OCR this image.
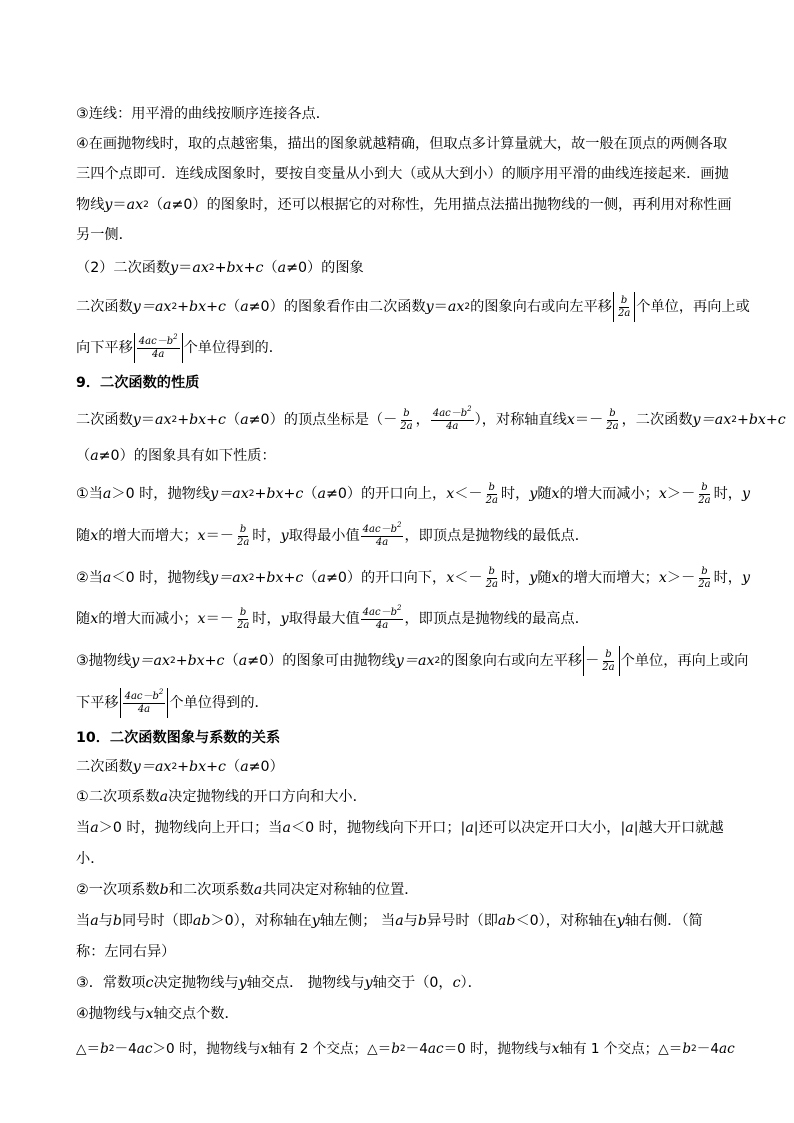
③连线：用平滑的曲线按顺序连接各点．
④在画抛物线时，取的点越密集，描出的图象就越精确，但取点多计算量就大，故一般在顶点的两侧各取
三四个点即可．连线成图象时，要按自变量从小到大（或从大到小）的顺序用平滑的曲线连接起来．画抛
物线 y ＝ ax 2 （ a ≠0）的图象时，还可以根据它的对称性，先用描点法描出抛物线的一侧，再利用对称性画
另一侧．
（2）二次函数 y ＝ ax 2 + bx + c （ a ≠0）的图象
二次函数 y＝ax 2 +bx+c （ a ≠0）的图象看作由二次函数 y ＝ ax 2 的图象向右或向左平移 $\frac{b}{2a}$ 个单位，再向上或
向下平移 $\frac{4ac-b^2}{4a}$ 个单位得到的．
9．二次函数的性质
二次函数 y ＝ ax 2 +bx+c （ a ≠0）的顶点坐标是（ － $\frac{b}{2a}$ ， $\frac{4ac-b^2}{4a}$ ），对称轴直线 x ＝ － $\frac{b}{2a}$ ，二次函数 y＝ax 2 +bx+c
（ a ≠0）的图象具有如下性质：
①当 a ＞0 时，抛物线 y＝ax 2 +bx+c （ a ≠0）的开口向上， $x <- \frac{b}{2a}$ 时， y 随 x 的增大而减小； $x >- \frac{b}{2a}$ 时， y
随 x 的增大而增大； $x =- \frac{b}{2a}$ 时， y 取得最小值 $\frac{4ac-b^2}{4a}$ ，即顶点是抛物线的最低点．
②当 a ＜0 时，抛物线 y＝ax 2 +bx+c （ a ≠0）的开口向下， $x <- \frac{b}{2a}$ 时， y 随 x 的增大而增大； $x >- \frac{b}{2a}$ 时， y
随 x 的增大而减小； $x =- \frac{b}{2a}$ 时， y 取得最大值 $\frac{4ac-b^2}{4a}$ ，即顶点是抛物线的最高点．
③抛物线 y＝ax 2 +bx+c （ a ≠0）的图象可由抛物线 y＝ax 2 的图象向右或向左平移 － $\frac{b}{2a}$ 个单位，再向上或向
下平移 $\frac{4ac-b^2}{4a}$ 个单位得到的．
10．二次函数图象与系数的关系
二次函数 y＝ax 2 +bx+c （ a ≠0）
①二次项系数 a 决定抛物线的开口方向和大小．
当 a ＞0 时，抛物线向上开口；当 a ＜0 时，抛物线向下开口； |a| 还可以决定开口大小， |a| 越大开口就越
小．
②一次项系数 b 和二次项系数 a 共同决定对称轴的位置．
当 a 与 b 同号时（即 ab ＞0），对称轴在 y 轴左侧； 当 a 与 b 异号时（即 ab ＜0），对称轴在 y 轴右侧．（简
称：左同右异）
③．常数项 c 决定抛物线与 y 轴交点． 抛物线与 y 轴交于（0， c ）．
④抛物线与 x 轴交点个数．
△＝ b 2 －4 ac ＞0 时，抛物线与 x 轴有 2 个交点；△＝ b 2 －4 ac ＝0 时，抛物线与 x 轴有 1 个交点；△＝ b 2 －4 ac
